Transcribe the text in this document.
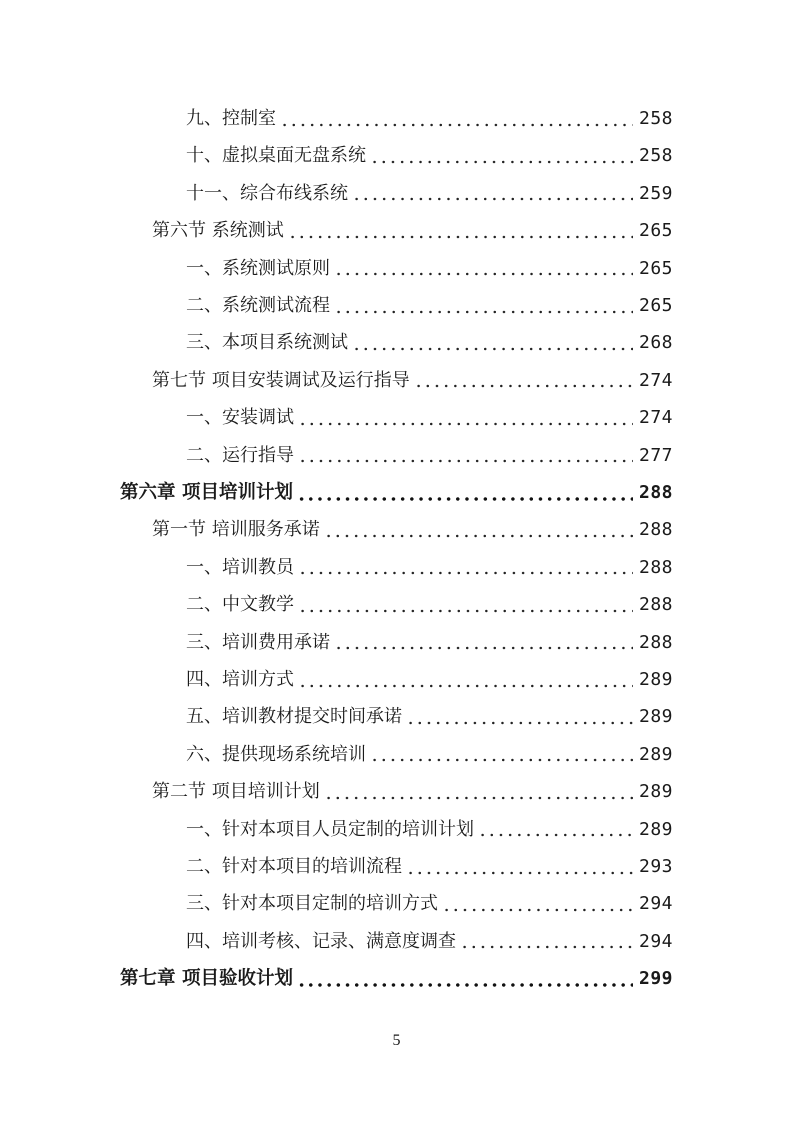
九、控制室	258
十、虚拟桌面无盘系统	258
十一、综合布线系统	259
第六节 系统测试	265
一、系统测试原则	265
二、系统测试流程	265
三、本项目系统测试	268
第七节 项目安装调试及运行指导	274
一、安装调试	274
二、运行指导	277
第六章 项目培训计划	288
第一节 培训服务承诺	288
一、培训教员	288
二、中文教学	288
三、培训费用承诺	288
四、培训方式	289
五、培训教材提交时间承诺	289
六、提供现场系统培训	289
第二节 项目培训计划	289
一、针对本项目人员定制的培训计划	289
二、针对本项目的培训流程	293
三、针对本项目定制的培训方式	294
四、培训考核、记录、满意度调查	294
第七章 项目验收计划	299
5
